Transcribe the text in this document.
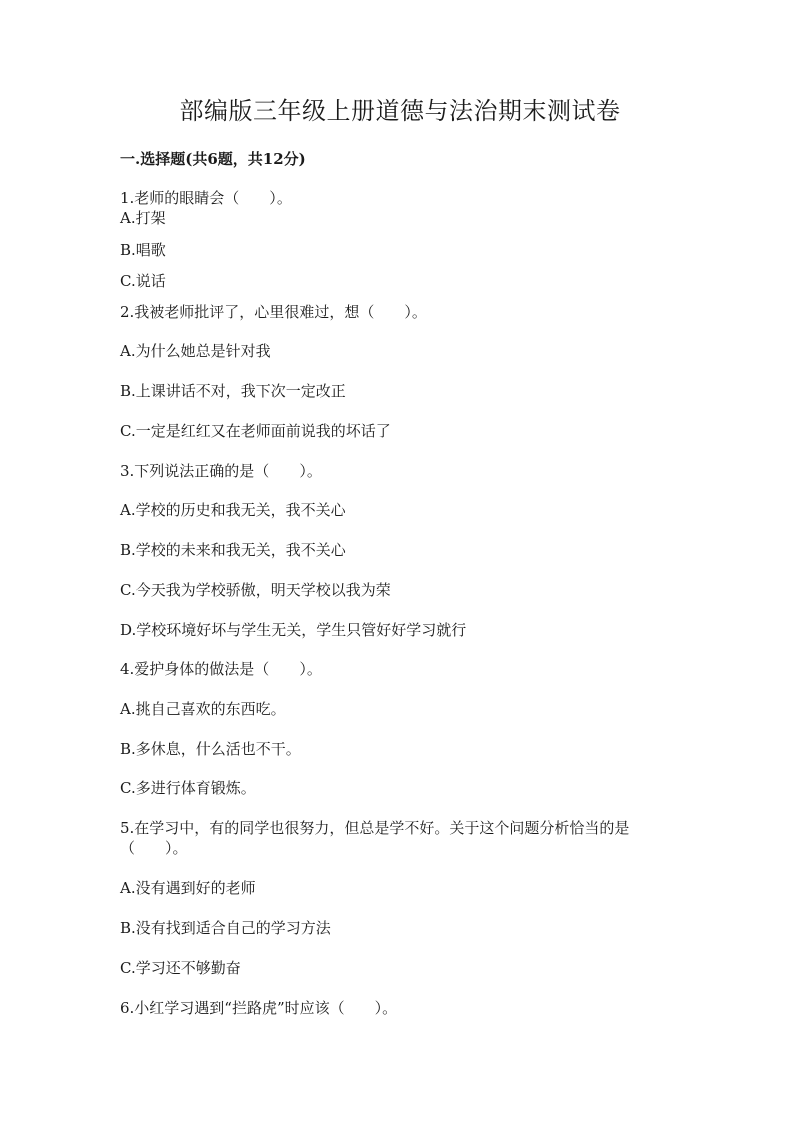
部编版三年级上册道德与法治期末测试卷
一.选择题(共6题，共12分)
1.老师的眼睛会（　　）。
A.打架
B.唱歌
C.说话
2.我被老师批评了，心里很难过，想（　　）。
A.为什么她总是针对我
B.上课讲话不对，我下次一定改正
C.一定是红红又在老师面前说我的坏话了
3.下列说法正确的是（　　）。
A.学校的历史和我无关，我不关心
B.学校的未来和我无关，我不关心
C.今天我为学校骄傲，明天学校以我为荣
D.学校环境好坏与学生无关，学生只管好好学习就行
4.爱护身体的做法是（　　）。
A.挑自己喜欢的东西吃。
B.多休息，什么活也不干。
C.多进行体育锻炼。
5.在学习中，有的同学也很努力，但总是学不好。关于这个问题分析恰当的是
（　　）。
A.没有遇到好的老师
B.没有找到适合自己的学习方法
C.学习还不够勤奋
6.小红学习遇到“拦路虎”时应该（　　）。
